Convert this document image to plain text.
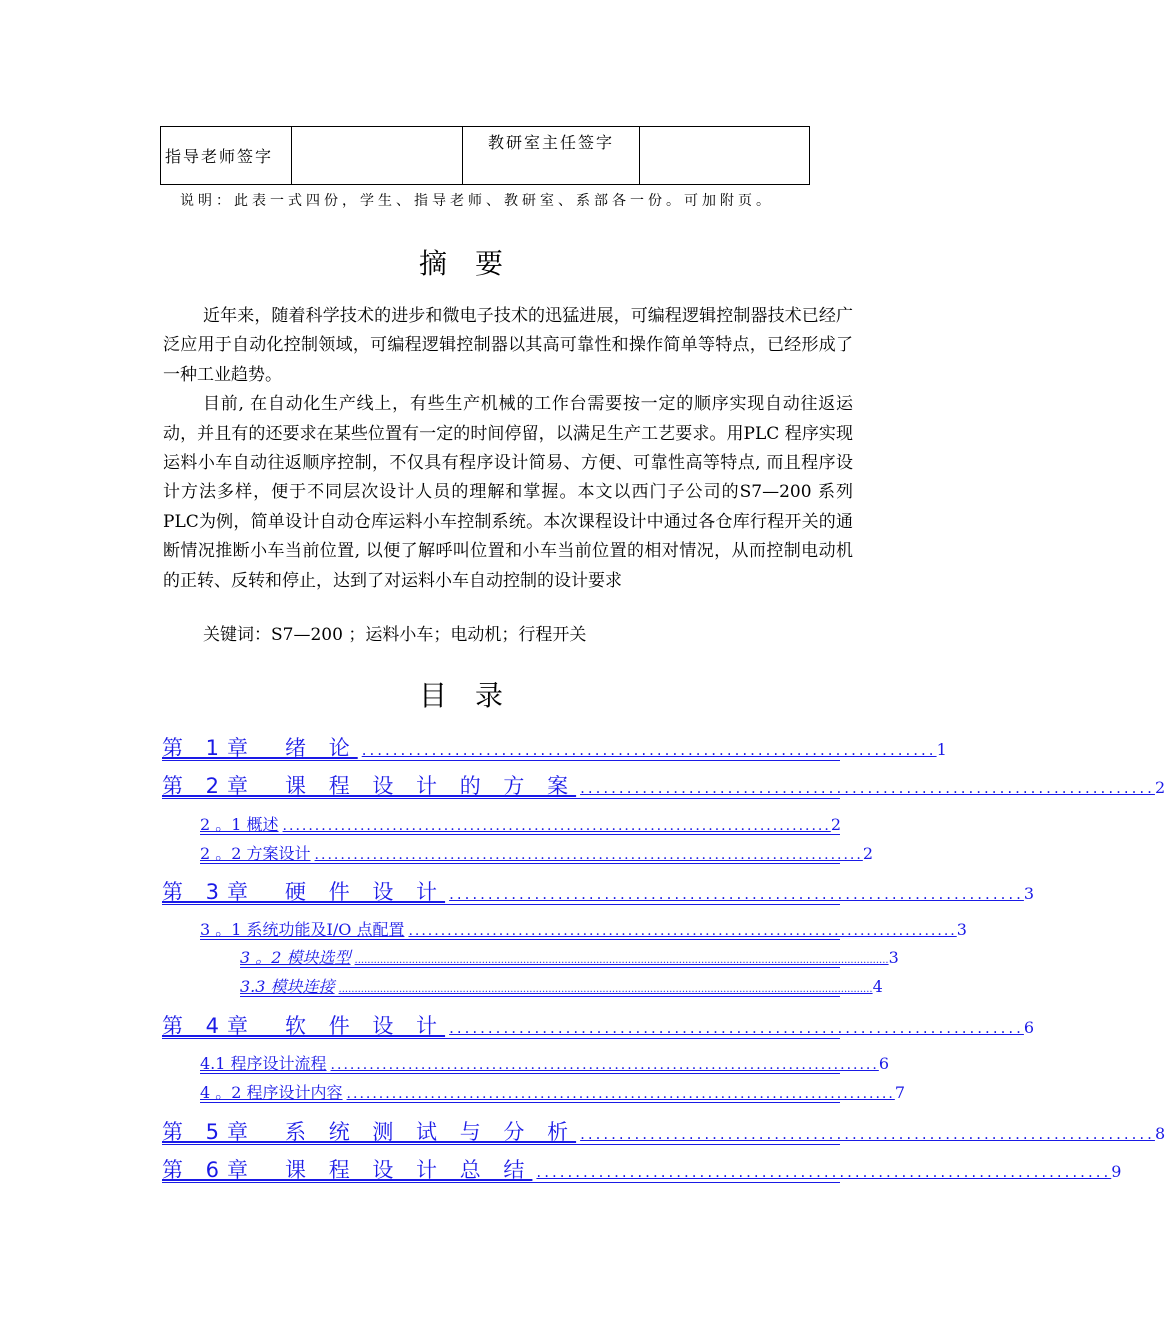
指导老师签字		教研室主任签字	
说明：此表一式四份，学生、指导老师、教研室、系部各一份。可加附页。
摘要

近年来，随着科学技术的进步和微电子技术的迅猛进展，可编程逻辑控制器技术已经广泛应用于自动化控制领域，可编程逻辑控制器以其高可靠性和操作简单等特点，已经形成了一种工业趋势。

目前, 在自动化生产线上，有些生产机械的工作台需要按一定的顺序实现自动往返运动，并且有的还要求在某些位置有一定的时间停留，以满足生产工艺要求。用PLC 程序实现运料小车自动往返顺序控制，不仅具有程序设计简易、方便、可靠性高等特点, 而且程序设计方法多样，便于不同层次设计人员的理解和掌握。本文以西门子公司的S7—200 系列PLC为例，简单设计自动仓库运料小车控制系统。本次课程设计中通过各仓库行程开关的通断情况推断小车当前位置, 以便了解呼叫位置和小车当前位置的相对情况，从而控制电动机的正转、反转和停止，达到了对运料小车自动控制的设计要求

关键词：S7—200 ；运料小车；电动机；行程开关
目录
第 1章　绪 论 .......................................................................... 1
第 2章　课 程 设 计 的 方 案 .......................................................................... 2
2 。1 概述 ..................................................................................... 2
2 。2 方案设计 ..................................................................................... 2
第 3章　硬 件 设 计 .......................................................................... 3
3 。1 系统功能及I/O 点配置 ..................................................................................... 3
3 。2 模块选型 ........................................................................................................................................................................ 3
3.3 模块连接 ........................................................................................................................................................................ 4
第 4章　软 件 设 计 .......................................................................... 6
4.1 程序设计流程 ..................................................................................... 6
4 。2 程序设计内容 ..................................................................................... 7
第 5章　系 统 测 试 与 分 析 .......................................................................... 8
第 6章　课 程 设 计 总 结 .......................................................................... 9
